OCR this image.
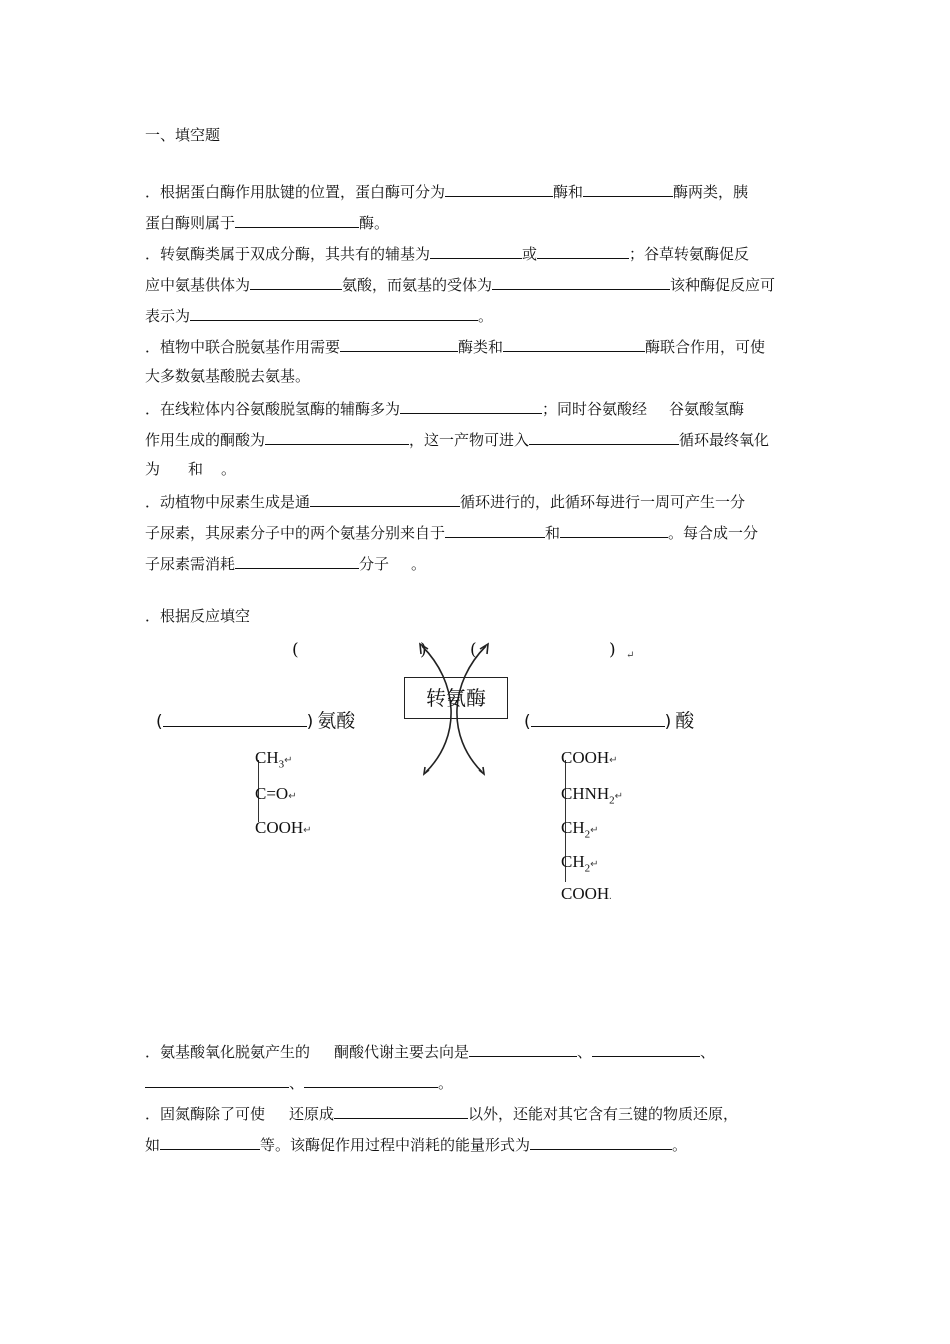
一、填空题
．根据蛋白酶作用肽键的位置，蛋白酶可分为	酶和	酶两类，胰
蛋白酶则属于	酶。
．转氨酶类属于双成分酶，其共有的辅基为	或	；谷草转氨酶促反
应中氨基供体为	氨酸，而氨基的受体为	该种酶促反应可
表示为	。
．植物中联合脱氨基作用需要	酶类和	酶联合作用，可使
大多数氨基酸脱去氨基。
．在线粒体内谷氨酸脱氢酶的辅酶多为	；同时谷氨酸经 谷氨酸氢酶
作用生成的酮酸为	，这一产物可进入	循环最终氧化
为 和 。
．动植物中尿素生成是通	循环进行的，此循环每进行一周可产生一分
子尿素，其尿素分子中的两个氨基分别来自于	和	。每合成一分
子尿素需消耗	分子 。
．根据反应填空
(	)	(	) ↵
转氨酶
(	) 氨酸	(	) 酸
$CH_3↵$
C=O↵
COOH↵
COOH↵
$CHNH_2↵$
$CH_2↵$
$CH_2↵$
COOH.
．氨基酸氧化脱氨产生的 酮酸代谢主要去向是	、	、
、	。
．固氮酶除了可使 还原成	以外，还能对其它含有三键的物质还原，
如	等。该酶促作用过程中消耗的能量形式为	。
